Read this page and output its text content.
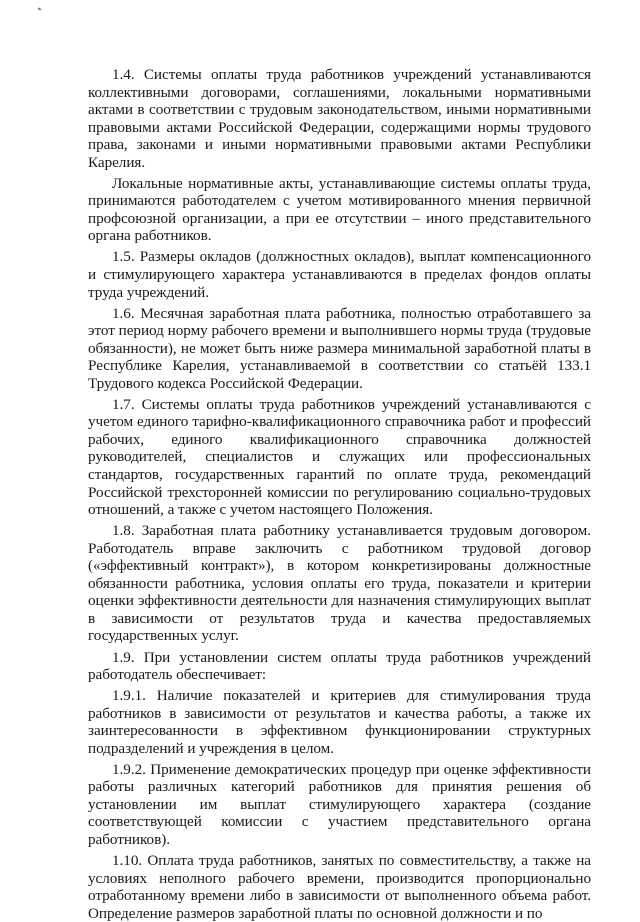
1.4. Системы оплаты труда работников учреждений устанавливаются коллективными договорами, соглашениями, локальными нормативными актами в соответствии с трудовым законодательством, иными нормативными правовыми актами Российской Федерации, содержащими нормы трудового права, законами и иными нормативными правовыми актами Республики Карелия.

Локальные нормативные акты, устанавливающие системы оплаты труда, принимаются работодателем с учетом мотивированного мнения первичной профсоюзной организации, а при ее отсутствии – иного представительного органа работников.

1.5. Размеры окладов (должностных окладов), выплат компенсационного и стимулирующего характера устанавливаются в пределах фондов оплаты труда учреждений.

1.6. Месячная заработная плата работника, полностью отработавшего за этот период норму рабочего времени и выполнившего нормы труда (трудовые обязанности), не может быть ниже размера минимальной заработной платы в Республике Карелия, устанавливаемой в соответствии со статьёй 133.1 Трудового кодекса Российской Федерации.

1.7. Системы оплаты труда работников учреждений устанавливаются с учетом единого тарифно-квалификационного справочника работ и профессий рабочих, единого квалификационного справочника должностей руководителей, специалистов и служащих или профессиональных стандартов, государственных гарантий по оплате труда, рекомендаций Российской трехсторонней комиссии по регулированию социально-трудовых отношений, а также с учетом настоящего Положения.

1.8. Заработная плата работнику устанавливается трудовым договором. Работодатель вправе заключить с работником трудовой договор («эффективный контракт»), в котором конкретизированы должностные обязанности работника, условия оплаты его труда, показатели и критерии оценки эффективности деятельности для назначения стимулирующих выплат в зависимости от результатов труда и качества предоставляемых государственных услуг.

1.9. При установлении систем оплаты труда работников учреждений работодатель обеспечивает:

1.9.1. Наличие показателей и критериев для стимулирования труда работников в зависимости от результатов и качества работы, а также их заинтересованности в эффективном функционировании структурных подразделений и учреждения в целом.

1.9.2. Применение демократических процедур при оценке эффективности работы различных категорий работников для принятия решения об установлении им выплат стимулирующего характера (создание соответствующей комиссии с участием представительного органа работников).

1.10. Оплата труда работников, занятых по совместительству, а также на условиях неполного рабочего времени, производится пропорционально отработанному времени либо в зависимости от выполненного объема работ. Определение размеров заработной платы по основной должности и по
